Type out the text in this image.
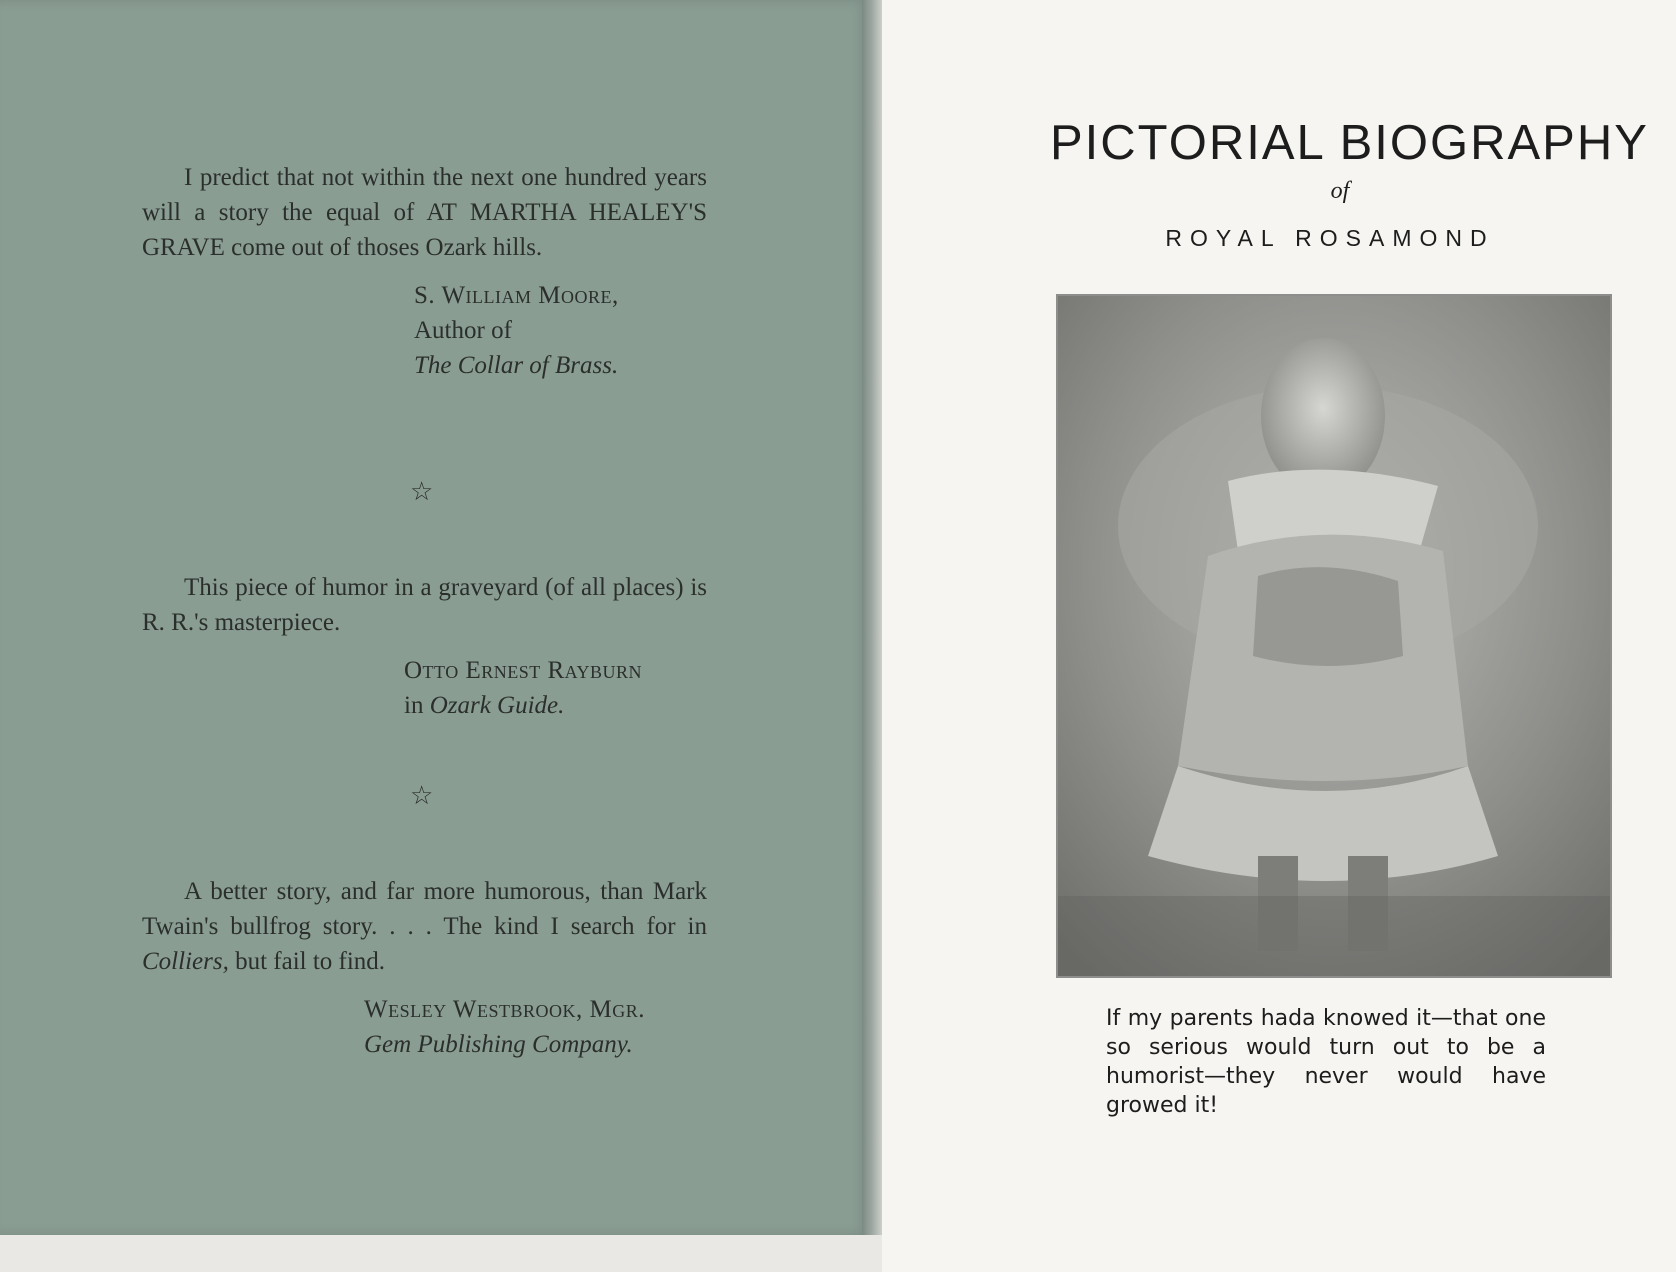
I predict that not within the next one hundred years will a story the equal of AT MARTHA HEALEY'S GRAVE come out of thoses Ozark hills.

S. William Moore,

Author of

The Collar of Brass.

☆

This piece of humor in a graveyard (of all places) is R. R.'s masterpiece.

Otto Ernest Rayburn

in Ozark Guide.

☆

A better story, and far more humorous, than Mark Twain's bullfrog story. . . . The kind I search for in Colliers, but fail to find.

Wesley Westbrook, Mgr.

Gem Publishing Company.

PICTORIAL BIOGRAPHY
of
ROYAL ROSAMOND

If my parents hada knowed it—that one so serious would turn out to be a humorist—they never would have growed it!
